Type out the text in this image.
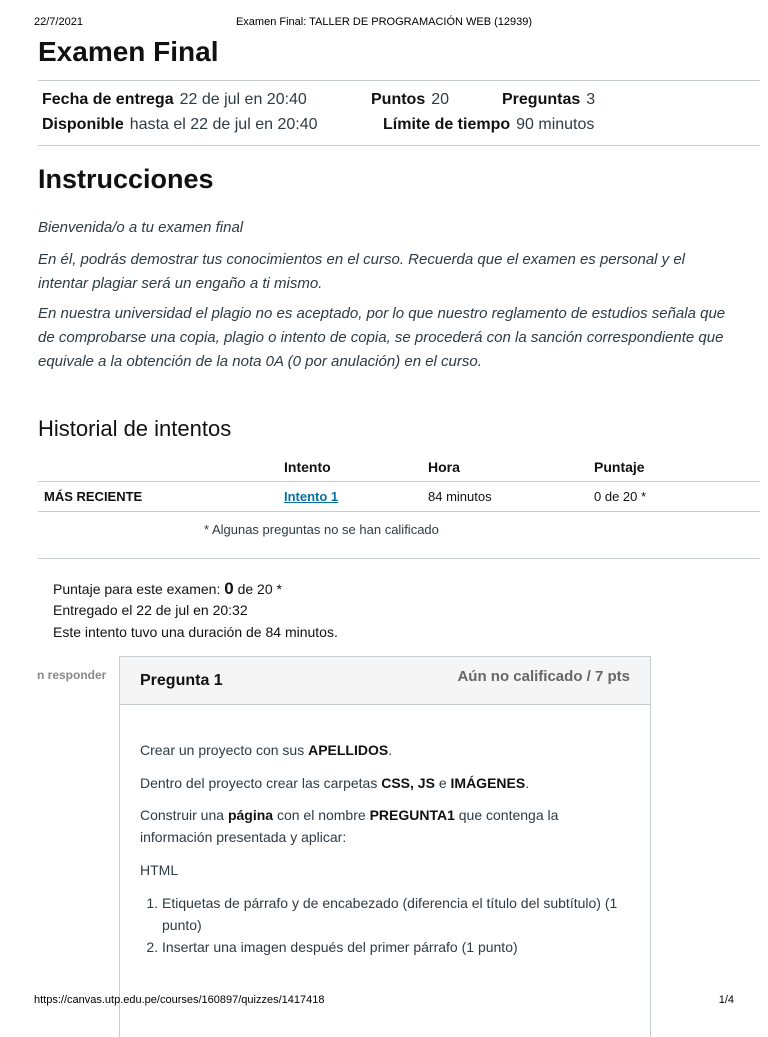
22/7/2021	Examen Final: TALLER DE PROGRAMACIÓN WEB (12939)
Examen Final
Fecha de entrega 22 de jul en 20:40	Puntos 20	Preguntas 3
Disponible hasta el 22 de jul en 20:40	Límite de tiempo 90 minutos
Instrucciones

Bienvenida/o a tu examen final

En él, podrás demostrar tus conocimientos en el curso. Recuerda que el examen es personal y el intentar plagiar será un engaño a ti mismo.

En nuestra universidad el plagio no es aceptado, por lo que nuestro reglamento de estudios señala que de comprobarse una copia, plagio o intento de copia, se procederá con la sanción correspondiente que equivale a la obtención de la nota 0A (0 por anulación) en el curso.

Historial de intentos
	Intento	Hora	Puntaje
MÁS RECIENTE	Intento 1	84 minutos	0 de 20 *
* Algunas preguntas no se han calificado
Puntaje para este examen: 0 de 20 *
Entregado el 22 de jul en 20:32
Este intento tuvo una duración de 84 minutos.
n responder Pregunta 1	Aún no calificado / 7 pts

Crear un proyecto con sus APELLIDOS.

Dentro del proyecto crear las carpetas CSS, JS e IMÁGENES.

Construir una página con el nombre PREGUNTA1 que contenga la información presentada y aplicar:

HTML

1. Etiquetas de párrafo y de encabezado (diferencia el título del subtítulo) (1 punto)
2. Insertar una imagen después del primer párrafo (1 punto)
https://canvas.utp.edu.pe/courses/160897/quizzes/1417418	1/4
